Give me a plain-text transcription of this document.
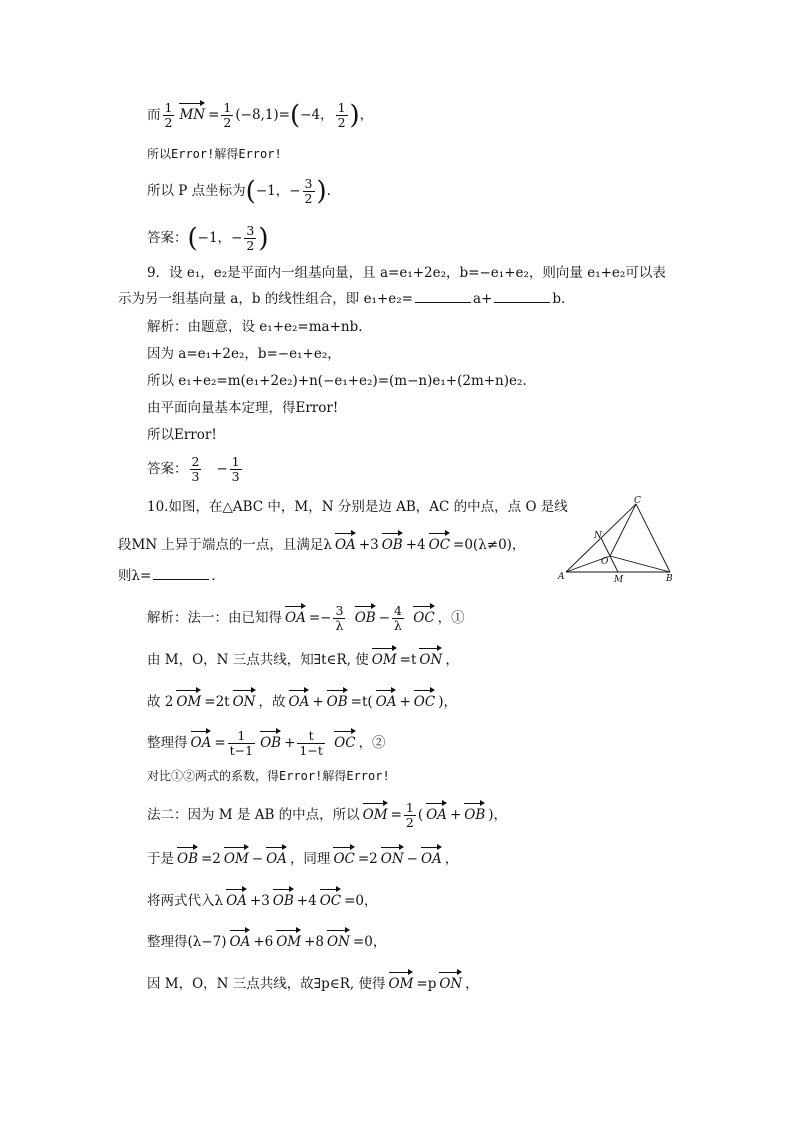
而 $\frac{1}{2}$ MN = $\frac{1}{2} (-8,1)=(-4$， $\frac{1}{2}$ )，
所以Error!解得Error!
所以 P 点坐标为(−1，− $\frac{3}{2}$ ).
答案：(−1，− $\frac{3}{2}$ )
9．设 e₁，e₂是平面内一组基向量，且 a=e₁+2e₂，b=−e₁+e₂，则向量 e₁+e₂可以表
示为另一组基向量 a，b 的线性组合，即 e₁+e₂=	a+	b.
解析：由题意，设 e₁+e₂=ma+nb.
因为 a=e₁+2e₂，b=−e₁+e₂，
所以 e₁+e₂=m(e₁+2e₂)+n(−e₁+e₂)=(m−n)e₁+(2m+n)e₂.
由平面向量基本定理，得Error!
所以Error!
答案： $\frac{2}{3} - \frac{1}{3}$
10.如图，在△ABC 中，M，N 分别是边 AB，AC 的中点，点 O 是线
段MN 上异于端点的一点，且满足λ OA +3 OB +4 OC =0(λ≠0)，
则λ=	.	A	B
C
M
N
O
解析：法一：由已知得 OA =− $\frac{3}{\lambda}$ OB − $\frac{4}{\lambda}$ OC ，①
由 M，O，N 三点共线，知∃t∈R, 使 OM =t ON ，
故 2 OM =2t ON ，故 OA + OB =t( OA + OC )，
整理得 OA = $\frac{1}{t-1}$ OB + $\frac{t}{1-t}$ OC ，②
对比①②两式的系数，得Error!解得Error!
法二：因为 M 是 AB 的中点，所以 OM = $\frac{1}{2}$ ( OA + OB )，
于是 OB =2 OM − OA ，同理 OC =2 ON − OA ，
将两式代入λ OA +3 OB +4 OC =0，
整理得(λ−7) OA +6 OM +8 ON =0，
因 M，O，N 三点共线，故∃p∈R, 使得 OM =p ON ，
